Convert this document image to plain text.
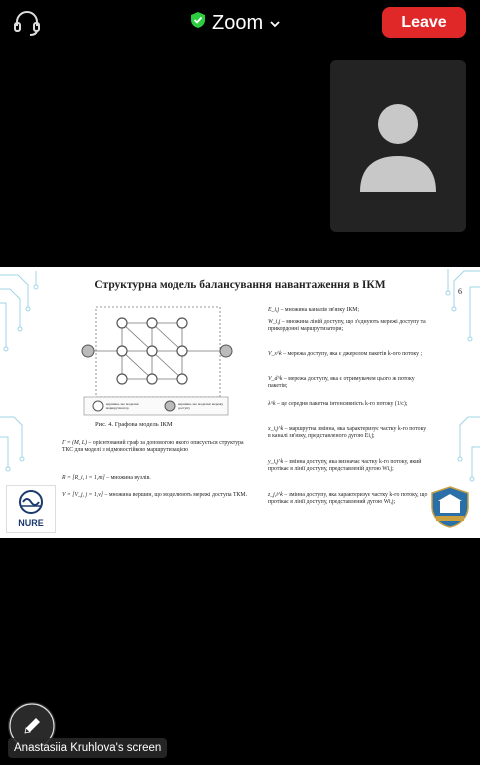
Zoom	Leave
Структурна модель балансування навантаження в ІКМ
6
вершина, що моделює маршрутизатор
вершина, що моделює мережу доступу
Рис. 4. Графова модель ІКМ
Γ = (M, L) – орієнтований граф за допомогою якого описується структура ТКС для моделі з відмовостійкою маршрутизацією
R = [R_i, i = 1,m] – множина вузлів.
V = [V_j, j = 1,v] – множина вершин, що моделюють мережі доступа ТКМ.
E_i,j – множина каналів зв'язку ІКМ;
W_i,j – множина ліній доступу, що з'єднують мережі доступу та прикордонні маршрутизатори;
V_s^k – мережа доступу, яка є джерелом пакетів k-ого потоку ;
V_d^k – мережа доступу, яка є отримувачем цього ж потоку пакетів;
λ^k – це середня пакетна інтенсивність k-го потоку (1/с);
x_i,j^k – маршрутна змінна, яка характеризує частку k-го потоку в каналі зв'язку, представленого дугою Ei,j;
y_i,j^k – змінна доступу, яка визначає частку k-го потоку, який протікає в лінії доступу, представленій дугою Wi,j;
z_j,i^k – змінна доступу, яка характеризує частку k-го потоку, що протікає в лінії доступу, представлений дугою Wi,j;
NURE
Anastasiia Kruhlova's screen
